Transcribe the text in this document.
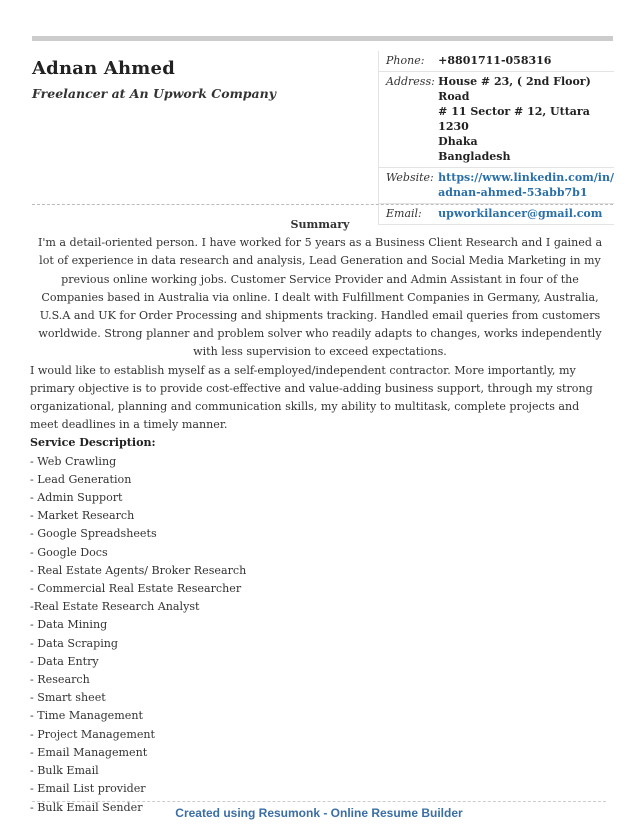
Adnan Ahmed
Freelancer at An Upwork Company
Phone:	+8801711-058316

Address:	House # 23, ( 2nd Floor) Road
# 11 Sector # 12, Uttara 1230
Dhaka
Bangladesh

Website:	https://www.linkedin.com/in/
adnan-ahmed-53abb7b1

Email:	upworkilancer@gmail.com
Summary

I'm a detail-oriented person. I have worked for 5 years as a Business Client Research and I gained a lot of experience in data research and analysis, Lead Generation and Social Media Marketing in my previous online working jobs. Customer Service Provider and Admin Assistant in four of the Companies based in Australia via online. I dealt with Fulfillment Companies in Germany, Australia, U.S.A and UK for Order Processing and shipments tracking. Handled email queries from customers worldwide. Strong planner and problem solver who readily adapts to changes, works independently with less supervision to exceed expectations.

I would like to establish myself as a self-employed/independent contractor. More importantly, my primary objective is to provide cost-effective and value-adding business support, through my strong organizational, planning and communication skills, my ability to multitask, complete projects and meet deadlines in a timely manner.

Service Description:
- Web Crawling
- Lead Generation
- Admin Support
- Market Research
- Google Spreadsheets
- Google Docs
- Real Estate Agents/ Broker Research
- Commercial Real Estate Researcher
-Real Estate Research Analyst
- Data Mining
- Data Scraping
- Data Entry
- Research
- Smart sheet
- Time Management
- Project Management
- Email Management
- Bulk Email
- Email List provider
- Bulk Email Sender	Created using Resumonk - Online Resume Builder
